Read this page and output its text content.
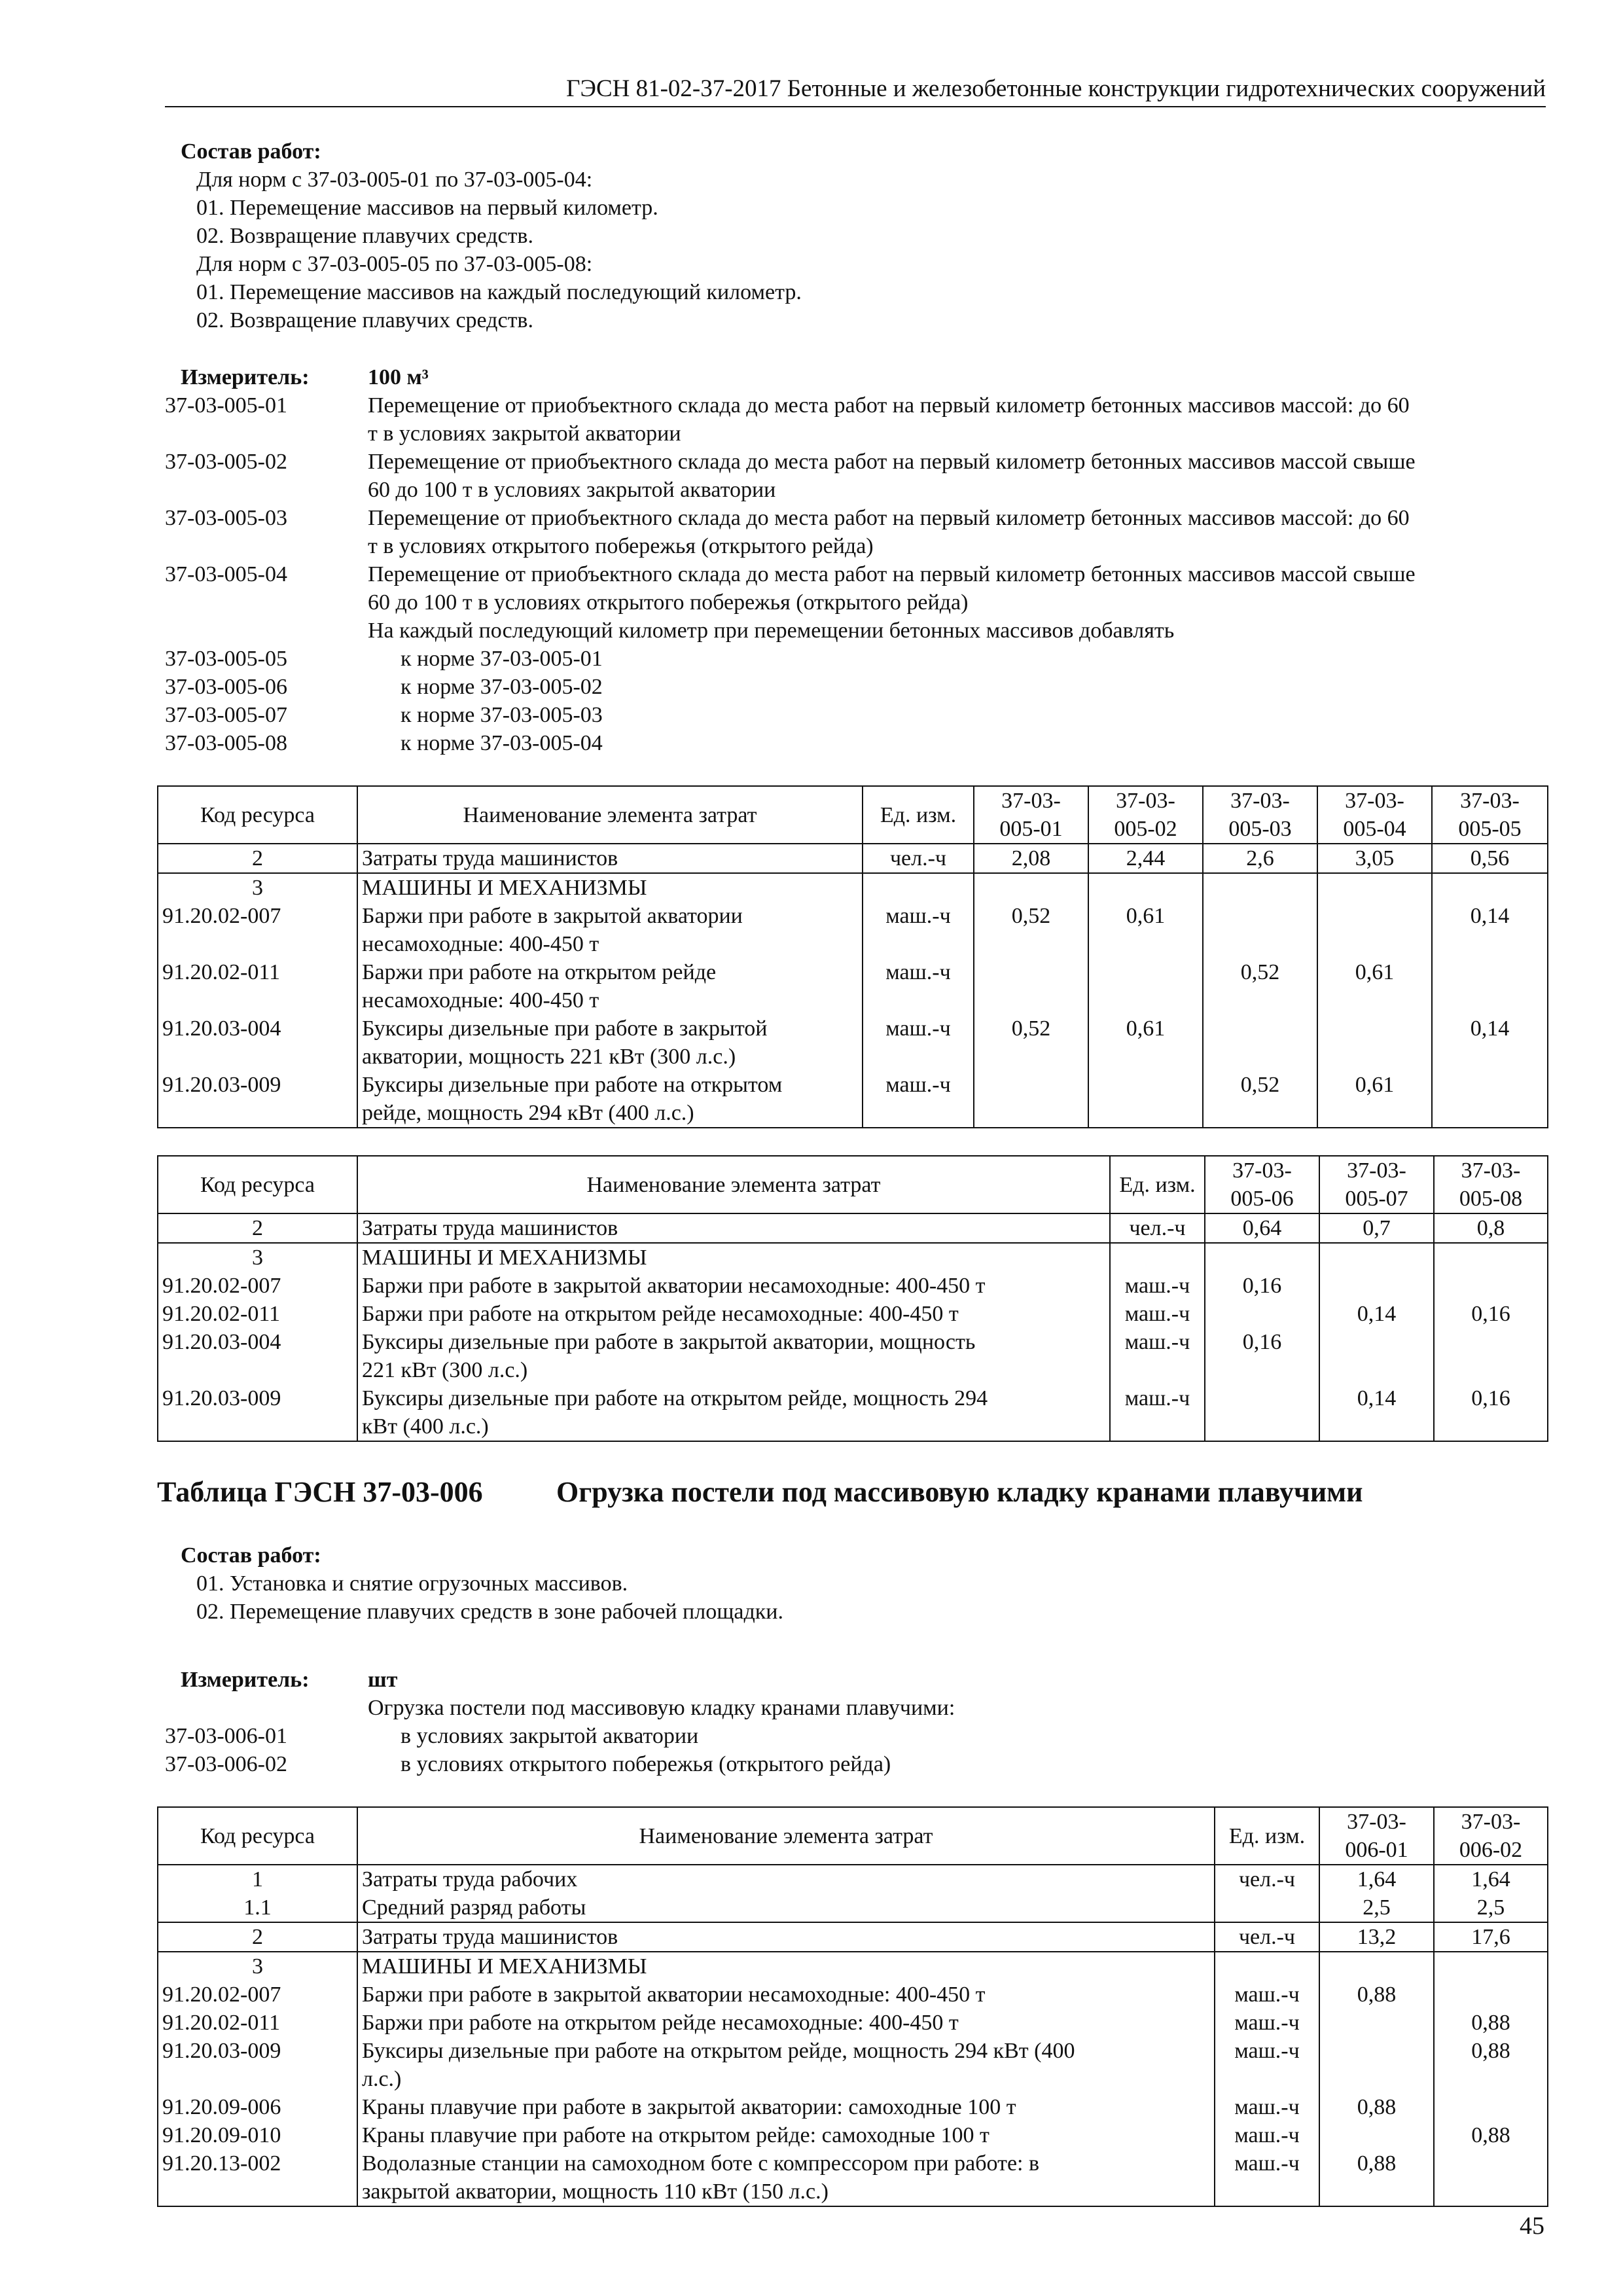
ГЭСН 81-02-37-2017 Бетонные и железобетонные конструкции гидротехнических сооружений
Состав работ:
Для норм с 37-03-005-01 по 37-03-005-04:
01. Перемещение массивов на первый километр.
02. Возвращение плавучих средств.
Для норм с 37-03-005-05 по 37-03-005-08:
01. Перемещение массивов на каждый последующий километр.
02. Возвращение плавучих средств.
Измеритель:	100 м³
37-03-005-01	Перемещение от приобъектного склада до места работ на первый километр бетонных массивов массой: до 60
т в условиях закрытой акватории
37-03-005-02	Перемещение от приобъектного склада до места работ на первый километр бетонных массивов массой свыше
60 до 100 т в условиях закрытой акватории
37-03-005-03	Перемещение от приобъектного склада до места работ на первый километр бетонных массивов массой: до 60
т в условиях открытого побережья (открытого рейда)
37-03-005-04	Перемещение от приобъектного склада до места работ на первый километр бетонных массивов массой свыше
60 до 100 т в условиях открытого побережья (открытого рейда)
На каждый последующий километр при перемещении бетонных массивов добавлять
37-03-005-05	к норме 37-03-005-01
37-03-005-06	к норме 37-03-005-02
37-03-005-07	к норме 37-03-005-03
37-03-005-08	к норме 37-03-005-04
Код ресурса	Наименование элемента затрат	Ед. изм.	37-03-
005-01	37-03-
005-02	37-03-
005-03	37-03-
005-04	37-03-
005-05
2	Затраты труда машинистов	чел.-ч	2,08	2,44	2,6	3,05	0,56
3	МАШИНЫ И МЕХАНИЗМЫ						
91.20.02-007	Баржи при работе в закрытой акватории
несамоходные: 400-450 т	маш.-ч	0,52	0,61			0,14
91.20.02-011	Баржи при работе на открытом рейде
несамоходные: 400-450 т	маш.-ч			0,52	0,61	
91.20.03-004	Буксиры дизельные при работе в закрытой
акватории, мощность 221 кВт (300 л.с.)	маш.-ч	0,52	0,61			0,14
91.20.03-009	Буксиры дизельные при работе на открытом
рейде, мощность 294 кВт (400 л.с.)	маш.-ч			0,52	0,61	
Код ресурса	Наименование элемента затрат	Ед. изм.	37-03-
005-06	37-03-
005-07	37-03-
005-08
2	Затраты труда машинистов	чел.-ч	0,64	0,7	0,8
3	МАШИНЫ И МЕХАНИЗМЫ				
91.20.02-007	Баржи при работе в закрытой акватории несамоходные: 400-450 т	маш.-ч	0,16		
91.20.02-011	Баржи при работе на открытом рейде несамоходные: 400-450 т	маш.-ч		0,14	0,16
91.20.03-004	Буксиры дизельные при работе в закрытой акватории, мощность
221 кВт (300 л.с.)	маш.-ч	0,16		
91.20.03-009	Буксиры дизельные при работе на открытом рейде, мощность 294
кВт (400 л.с.)	маш.-ч		0,14	0,16
Таблица ГЭСН 37-03-006	Огрузка постели под массивовую кладку кранами плавучими
Состав работ:
01. Установка и снятие огрузочных массивов.
02. Перемещение плавучих средств в зоне рабочей площадки.
Измеритель:	шт
Огрузка постели под массивовую кладку кранами плавучими:
37-03-006-01	в условиях закрытой акватории
37-03-006-02	в условиях открытого побережья (открытого рейда)
Код ресурса	Наименование элемента затрат	Ед. изм.	37-03-
006-01	37-03-
006-02
1	Затраты труда рабочих	чел.-ч	1,64	1,64
1.1	Средний разряд работы		2,5	2,5
2	Затраты труда машинистов	чел.-ч	13,2	17,6
3	МАШИНЫ И МЕХАНИЗМЫ			
91.20.02-007	Баржи при работе в закрытой акватории несамоходные: 400-450 т	маш.-ч	0,88	
91.20.02-011	Баржи при работе на открытом рейде несамоходные: 400-450 т	маш.-ч		0,88
91.20.03-009	Буксиры дизельные при работе на открытом рейде, мощность 294 кВт (400
л.с.)	маш.-ч		0,88
91.20.09-006	Краны плавучие при работе в закрытой акватории: самоходные 100 т	маш.-ч	0,88	
91.20.09-010	Краны плавучие при работе на открытом рейде: самоходные 100 т	маш.-ч		0,88
91.20.13-002	Водолазные станции на самоходном боте с компрессором при работе: в
закрытой акватории, мощность 110 кВт (150 л.с.)	маш.-ч	0,88	
45
